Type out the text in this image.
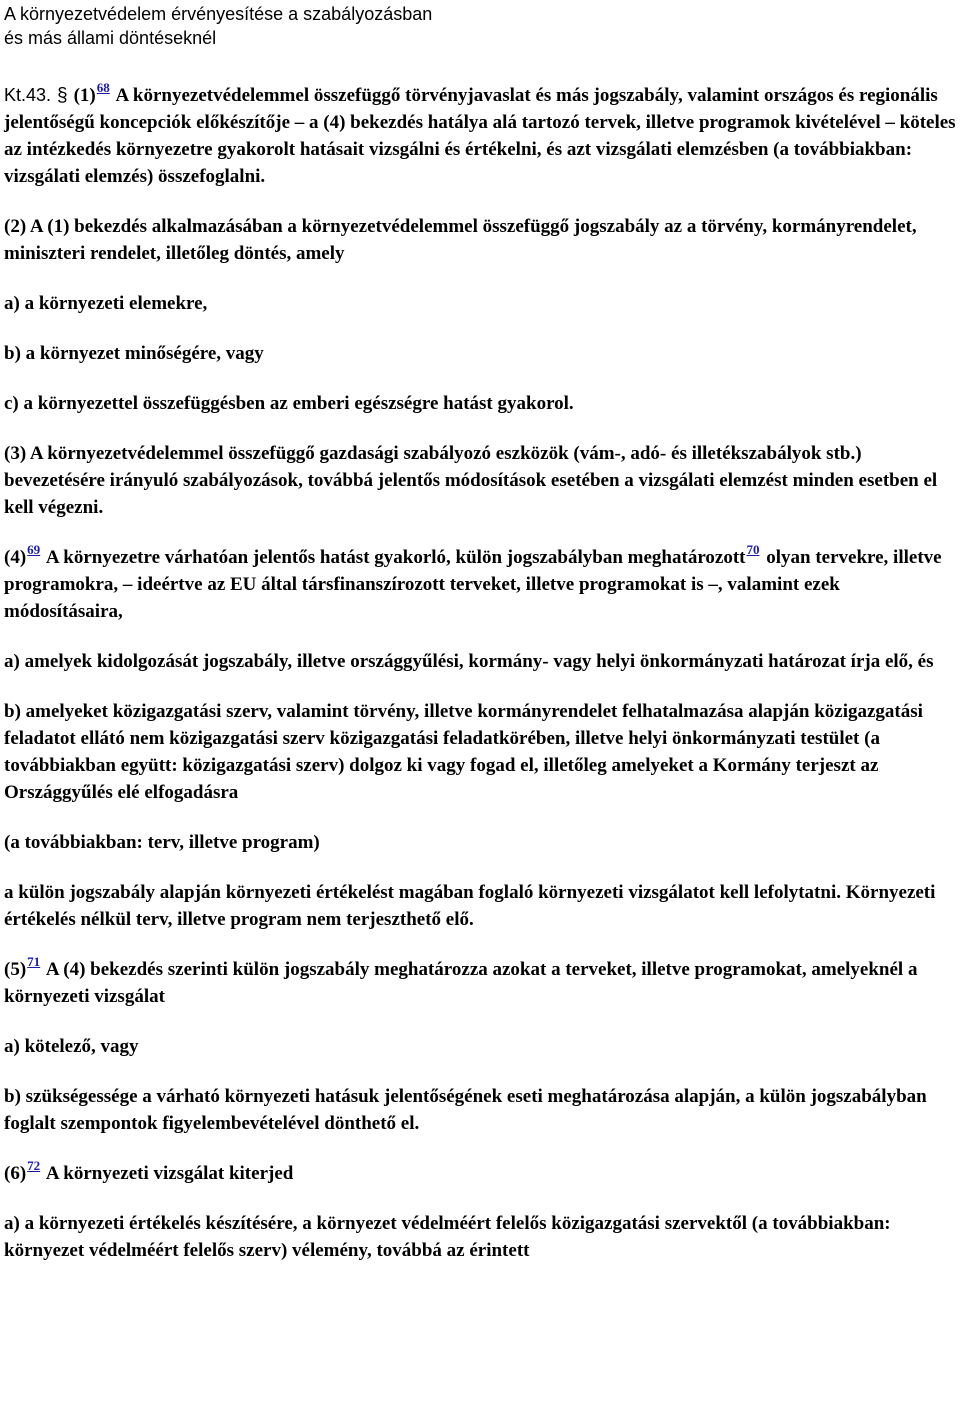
A környezetvédelem érvényesítése a szabályozásban
és más állami döntéseknél

Kt.43. § (1)$^{68}$ A környezetvédelemmel összefüggő törvényjavaslat és más jogszabály, valamint országos és regionális jelentőségű koncepciók előkészítője – a (4) bekezdés hatálya alá tartozó tervek, illetve programok kivételével – köteles az intézkedés környezetre gyakorolt hatásait vizsgálni és értékelni, és azt vizsgálati elemzésben (a továbbiakban: vizsgálati elemzés) összefoglalni.

(2) A (1) bekezdés alkalmazásában a környezetvédelemmel összefüggő jogszabály az a törvény, kormányrendelet, miniszteri rendelet, illetőleg döntés, amely

a) a környezeti elemekre,

b) a környezet minőségére, vagy

c) a környezettel összefüggésben az emberi egészségre hatást gyakorol.

(3) A környezetvédelemmel összefüggő gazdasági szabályozó eszközök (vám-, adó- és illetékszabályok stb.) bevezetésére irányuló szabályozások, továbbá jelentős módosítások esetében a vizsgálati elemzést minden esetben el kell végezni.

(4)$^{69}$ A környezetre várhatóan jelentős hatást gyakorló, külön jogszabályban meghatározott$^{70}$ olyan tervekre, illetve programokra, – ideértve az EU által társfinanszírozott terveket, illetve programokat is –, valamint ezek módosításaira,

a) amelyek kidolgozását jogszabály, illetve országgyűlési, kormány- vagy helyi önkormányzati határozat írja elő, és

b) amelyeket közigazgatási szerv, valamint törvény, illetve kormányrendelet felhatalmazása alapján közigazgatási feladatot ellátó nem közigazgatási szerv közigazgatási feladatkörében, illetve helyi önkormányzati testület (a továbbiakban együtt: közigazgatási szerv) dolgoz ki vagy fogad el, illetőleg amelyeket a Kormány terjeszt az Országgyűlés elé elfogadásra

(a továbbiakban: terv, illetve program)

a külön jogszabály alapján környezeti értékelést magában foglaló környezeti vizsgálatot kell lefolytatni. Környezeti értékelés nélkül terv, illetve program nem terjeszthető elő.

(5)$^{71}$ A (4) bekezdés szerinti külön jogszabály meghatározza azokat a terveket, illetve programokat, amelyeknél a környezeti vizsgálat

a) kötelező, vagy

b) szükségessége a várható környezeti hatásuk jelentőségének eseti meghatározása alapján, a külön jogszabályban foglalt szempontok figyelembevételével dönthető el.

(6)$^{72}$ A környezeti vizsgálat kiterjed

a) a környezeti értékelés készítésére, a környezet védelméért felelős közigazgatási szervektől (a továbbiakban: környezet védelméért felelős szerv) vélemény, továbbá az érintett
